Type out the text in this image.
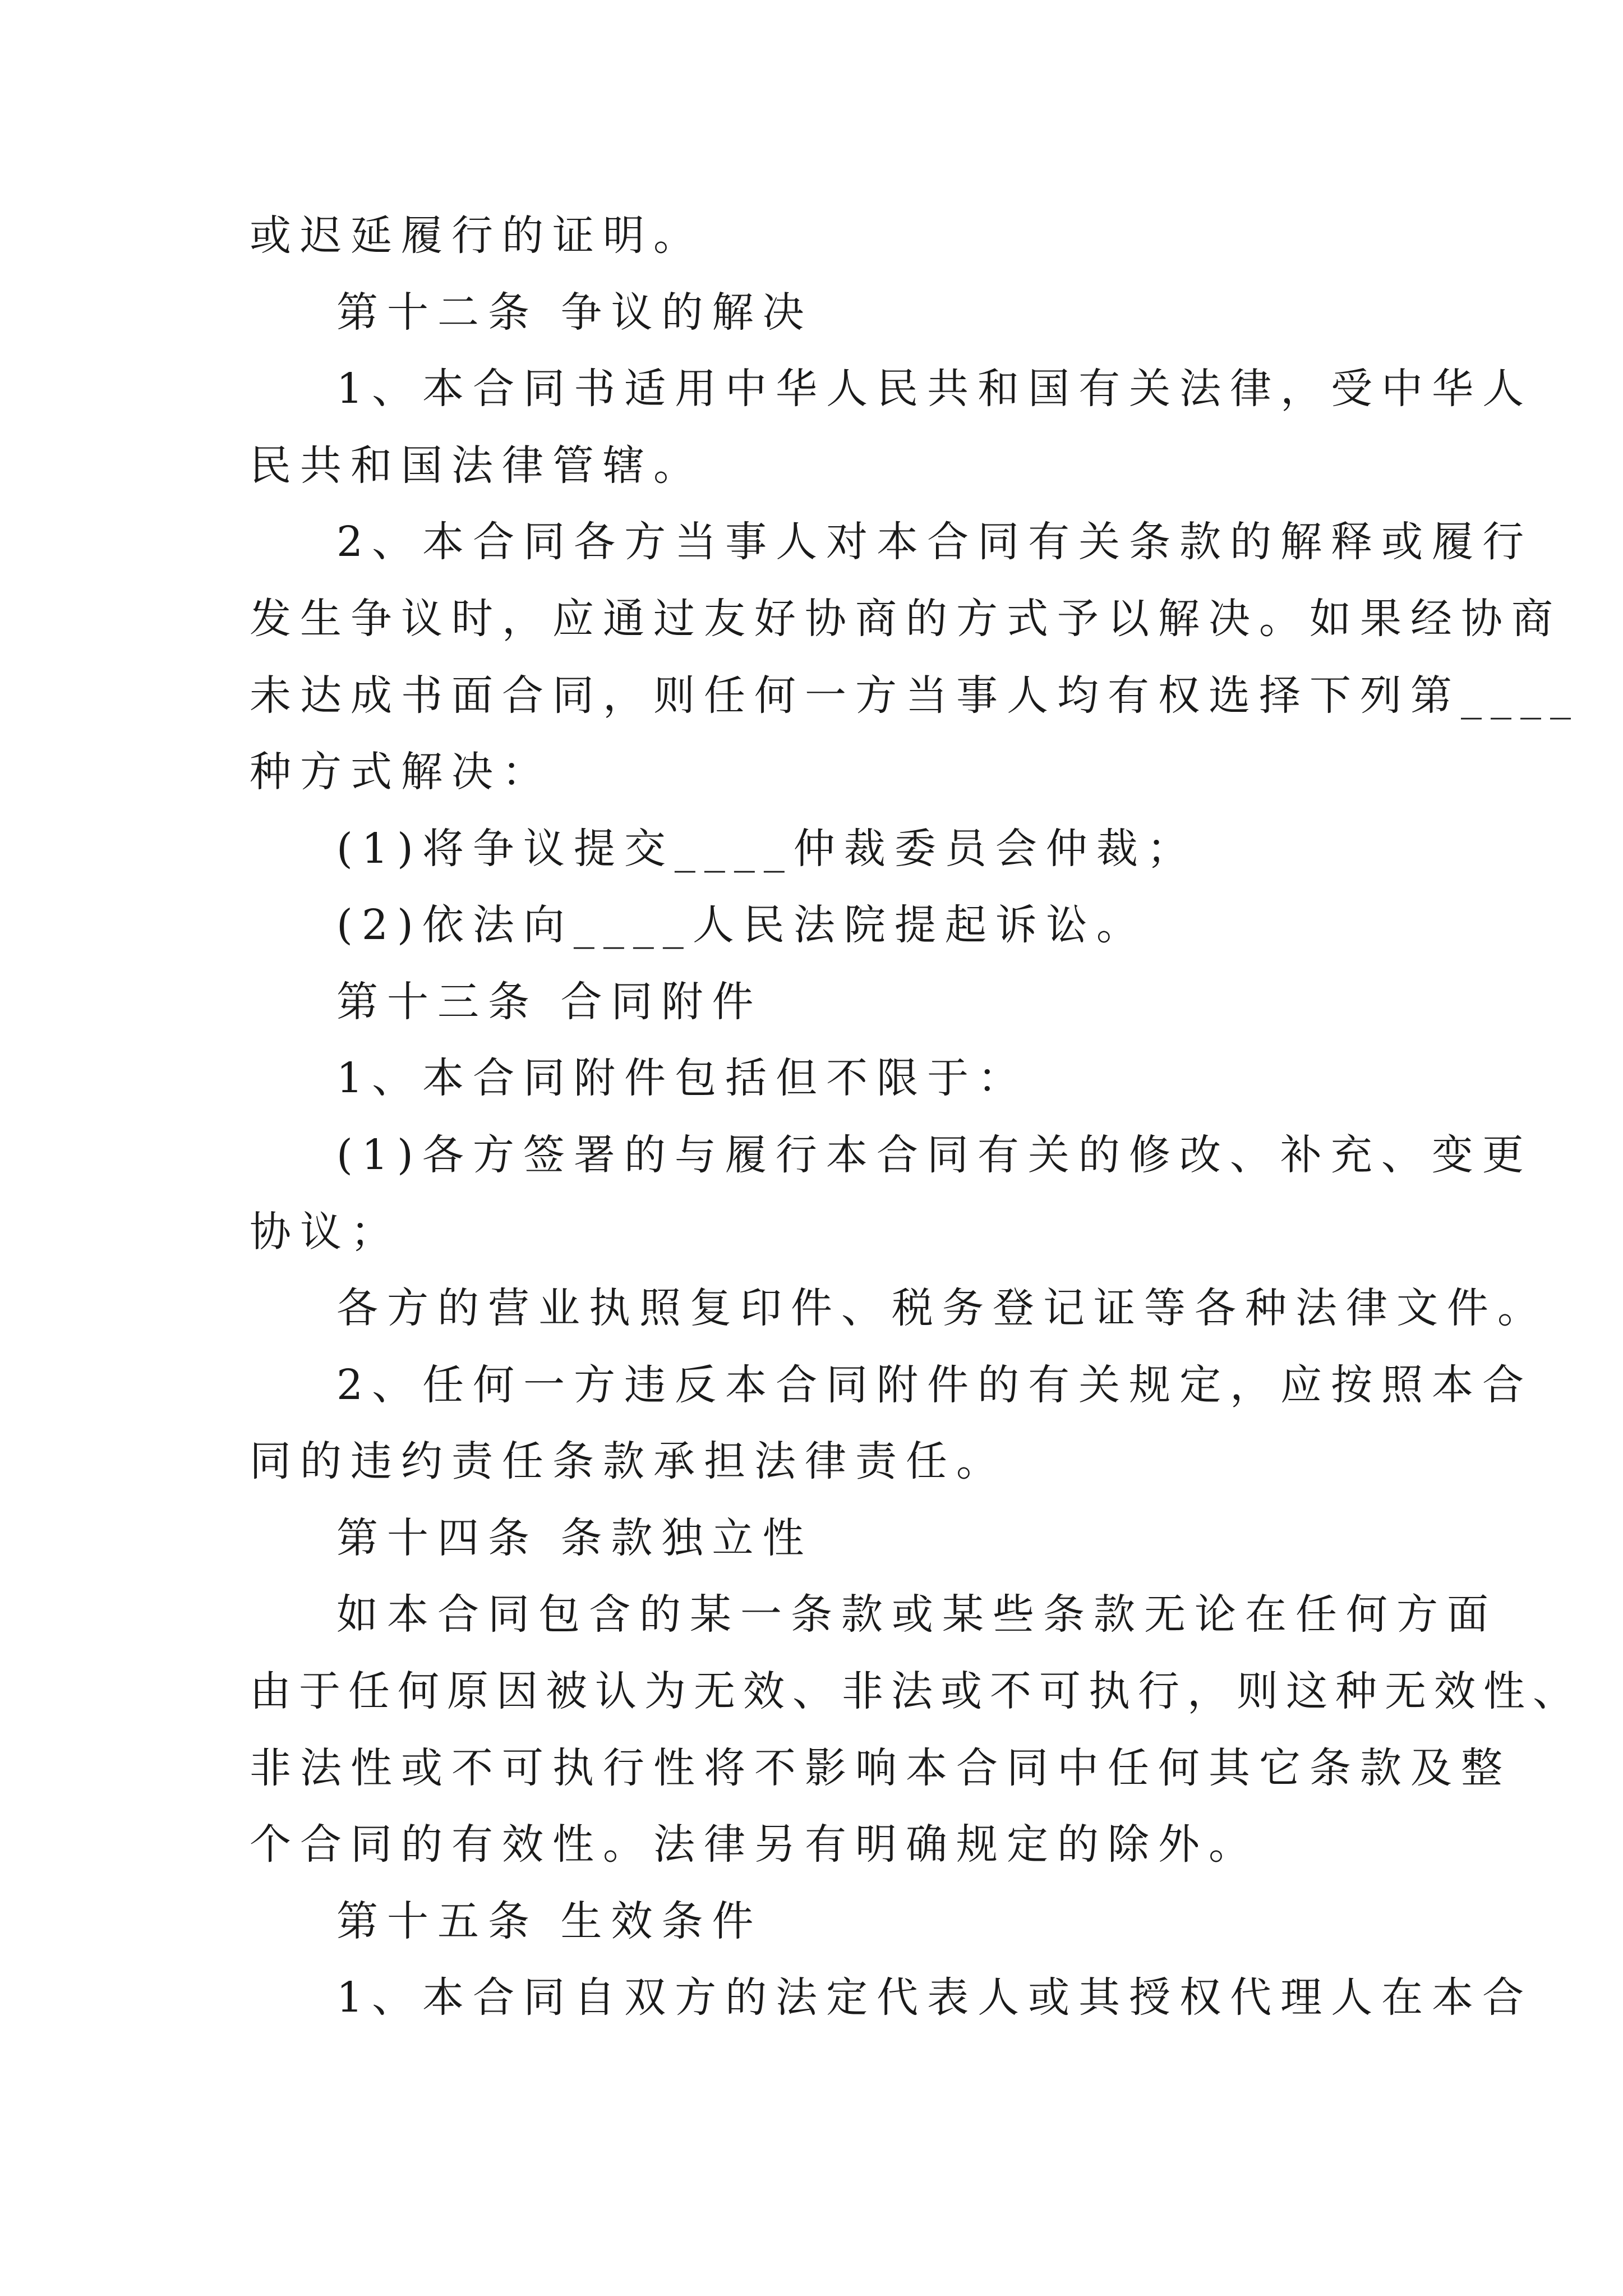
或迟延履行的证明。
第十二条 争议的解决
1、本合同书适用中华人民共和国有关法律，受中华人
民共和国法律管辖。
2、本合同各方当事人对本合同有关条款的解释或履行
发生争议时，应通过友好协商的方式予以解决。如果经协商
未达成书面合同，则任何一方当事人均有权选择下列第____
种方式解决：
(1)将争议提交____仲裁委员会仲裁；
(2)依法向____人民法院提起诉讼。
第十三条 合同附件
1、本合同附件包括但不限于：
(1)各方签署的与履行本合同有关的修改、补充、变更
协议；
各方的营业执照复印件、税务登记证等各种法律文件。
2、任何一方违反本合同附件的有关规定，应按照本合
同的违约责任条款承担法律责任。
第十四条 条款独立性
如本合同包含的某一条款或某些条款无论在任何方面
由于任何原因被认为无效、非法或不可执行，则这种无效性、
非法性或不可执行性将不影响本合同中任何其它条款及整
个合同的有效性。法律另有明确规定的除外。
第十五条 生效条件
1、本合同自双方的法定代表人或其授权代理人在本合
